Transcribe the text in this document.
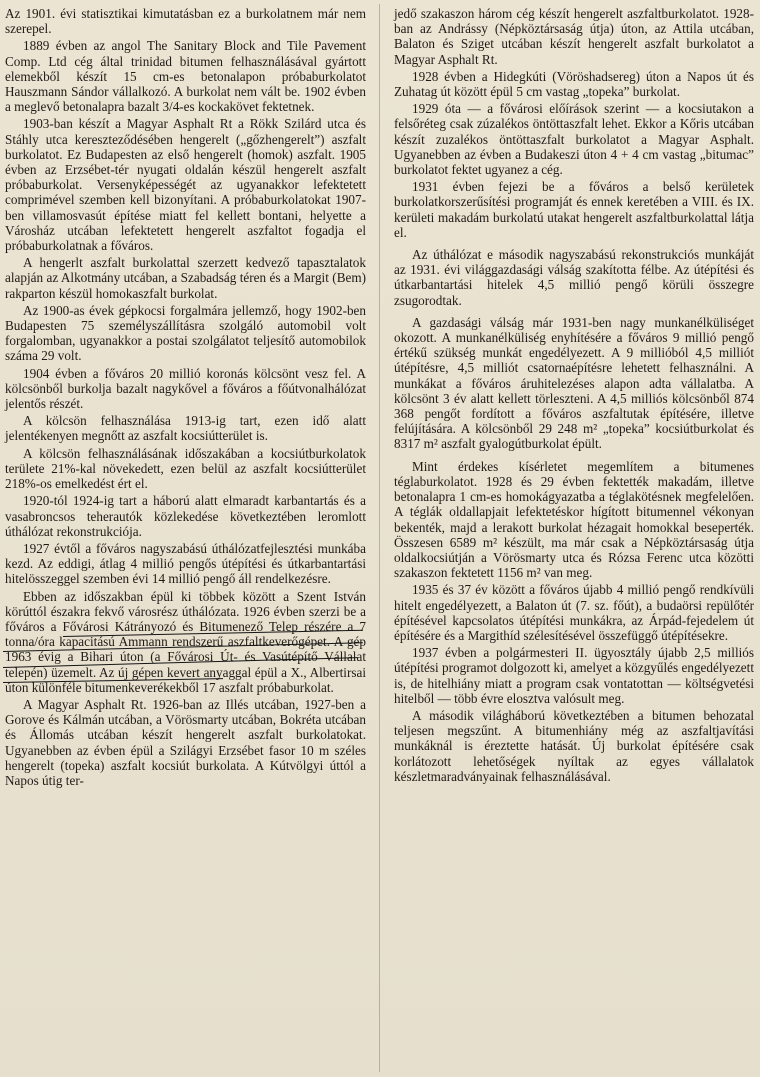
Az 1901. évi statisztikai kimutatásban ez a burkolatnem már nem szerepel.

1889 évben az angol The Sanitary Block and Tile Pavement Comp. Ltd cég által trinidad bitumen felhasználásával gyártott elemekből készít 15 cm-es betonalapon próbaburkolatot Hauszmann Sándor vállalkozó. A burkolat nem vált be. 1902 évben a meglevő betonalapra bazalt 3/4-es kockakövet fektetnek.

1903-ban készít a Magyar Asphalt Rt a Rökk Szilárd utca és Stáhly utca kereszteződésében hengerelt („gőzhengerelt”) aszfalt burkolatot. Ez Budapesten az első hengerelt (homok) aszfalt. 1905 évben az Erzsébet-tér nyugati oldalán készül hengerelt aszfalt próbaburkolat. Versenyképességét az ugyanakkor lefektetett comprimével szemben kell bizonyítani. A próbaburkolatokat 1907-ben villamosvasút építése miatt fel kellett bontani, helyette a Városház utcában lefektetett hengerelt aszfaltot fogadja el próbaburkolatnak a főváros.

A hengerlt aszfalt burkolattal szerzett kedvező tapasztalatok alapján az Alkotmány utcában, a Szabadság téren és a Margit (Bem) rakparton készül homokaszfalt burkolat.

Az 1900-as évek gépkocsi forgalmára jellemző, hogy 1902-ben Budapesten 75 személyszállításra szolgáló automobil volt forgalomban, ugyanakkor a postai szolgálatot teljesítő automobilok száma 29 volt.

1904 évben a főváros 20 millió koronás kölcsönt vesz fel. A kölcsönből burkolja bazalt nagykővel a főváros a főútvonalhálózat jelentős részét.

A kölcsön felhasználása 1913-ig tart, ezen idő alatt jelentékenyen megnőtt az aszfalt kocsiútterület is.

A kölcsön felhasználásának időszakában a kocsiútburkolatok területe 21%-kal növekedett, ezen belül az aszfalt kocsiútterület 218%-os emelkedést ért el.

1920-tól 1924-ig tart a háború alatt elmaradt karbantartás és a vasabroncsos teherautók közlekedése következtében leromlott úthálózat rekonstrukciója.

1927 évtől a főváros nagyszabású úthálózatfejlesztési munkába kezd. Az eddigi, átlag 4 millió pengős útépítési és útkarbantartási hitelösszeggel szemben évi 14 millió pengő áll rendelkezésre.

Ebben az időszakban épül ki többek között a Szent István körúttól északra fekvő városrész úthálózata. 1926 évben szerzi be a főváros a Fővárosi Kátrányozó és Bitumenező Telep részére a 7 tonna/óra kapacitású Ammann rendszerű aszfaltkeverőgépet. A gép 1963 évig a Bihari úton (a Fővárosi Út- és Vasútépítő Vállalat telepén) üzemelt. Az új gépen kevert anyaggal épül a X., Albertirsai úton különféle bitumenkeverékekből 17 aszfalt próbaburkolat.

A Magyar Asphalt Rt. 1926-ban az Illés utcában, 1927-ben a Gorove és Kálmán utcában, a Vörösmarty utcában, Bokréta utcában és Állomás utcában készít hengerelt aszfalt burkolatokat. Ugyanebben az évben épül a Szilágyi Erzsébet fasor 10 m széles hengerelt (topeka) aszfalt kocsiút burkolata. A Kútvölgyi úttól a Napos útig ter-

jedő szakaszon három cég készít hengerelt aszfaltburkolatot. 1928-ban az Andrássy (Népköztársaság útja) úton, az Attila utcában, Balaton és Sziget utcában készít hengerelt aszfalt burkolatot a Magyar Asphalt Rt.

1928 évben a Hidegkúti (Vöröshadsereg) úton a Napos út és Zuhatag út között épül 5 cm vastag „topeka” burkolat.

1929 óta — a fővárosi előírások szerint — a kocsiutakon a felsőréteg csak zúzalékos öntöttaszfalt lehet. Ekkor a Kőris utcában készít zuzalékos öntöttaszfalt burkolatot a Magyar Asphalt. Ugyanebben az évben a Budakeszi úton 4 + 4 cm vastag „bitumac” burkolatot fektet ugyanez a cég.

1931 évben fejezi be a főváros a belső kerületek burkolatkorszerűsítési programját és ennek keretében a VIII. és IX. kerületi makadám burkolatú utakat hengerelt aszfaltburkolattal látja el.

Az úthálózat e második nagyszabású rekonstrukciós munkáját az 1931. évi világgazdasági válság szakította félbe. Az útépítési és útkarbantartási hitelek 4,5 millió pengő körüli összegre zsugorodtak.

A gazdasági válság már 1931-ben nagy munkanélküliséget okozott. A munkanélküliség enyhítésére a főváros 9 millió pengő értékű szükség munkát engedélyezett. A 9 millióból 4,5 milliót útépítésre, 4,5 milliót csatornaépítésre lehetett felhasználni. A munkákat a főváros áruhitelezéses alapon adta vállalatba. A kölcsönt 3 év alatt kellett törleszteni. A 4,5 milliós kölcsönből 874 368 pengőt fordított a főváros aszfaltutak építésére, illetve felújítására. A kölcsönből 29 248 m² „topeka” kocsiútburkolat és 8317 m² aszfalt gyalogútburkolat épült.

Mint érdekes kísérletet megemlítem a bitumenes téglaburkolatot. 1928 és 29 évben fektették makadám, illetve betonalapra 1 cm-es homokágyazatba a téglakötésnek megfelelően. A téglák oldallapjait lefektetéskor hígított bitumennel vékonyan bekenték, majd a lerakott burkolat hézagait homokkal beseperték. Összesen 6589 m² készült, ma már csak a Népköztársaság útja oldalkocsiútján a Vörösmarty utca és Rózsa Ferenc utca közötti szakaszon fektetett 1156 m² van meg.

1935 és 37 év között a főváros újabb 4 millió pengő rendkívüli hitelt engedélyezett, a Balaton út (7. sz. főút), a budaörsi repülőtér építésével kapcsolatos útépítési munkákra, az Árpád-fejedelem út építésére és a Margithíd szélesítésével összefüggő útépítésekre.

1937 évben a polgármesteri II. ügyosztály újabb 2,5 milliós útépítési programot dolgozott ki, amelyet a közgyűlés engedélyezett is, de hitelhiány miatt a program csak vontatottan — költségvetési hitelből — több évre elosztva valósult meg.

A második világháború következtében a bitumen behozatal teljesen megszűnt. A bitumenhiány még az aszfaltjavítási munkáknál is éreztette hatását. Új burkolat építésére csak korlátozott lehetőségek nyíltak az egyes vállalatok készletmaradványainak felhasználásával.
